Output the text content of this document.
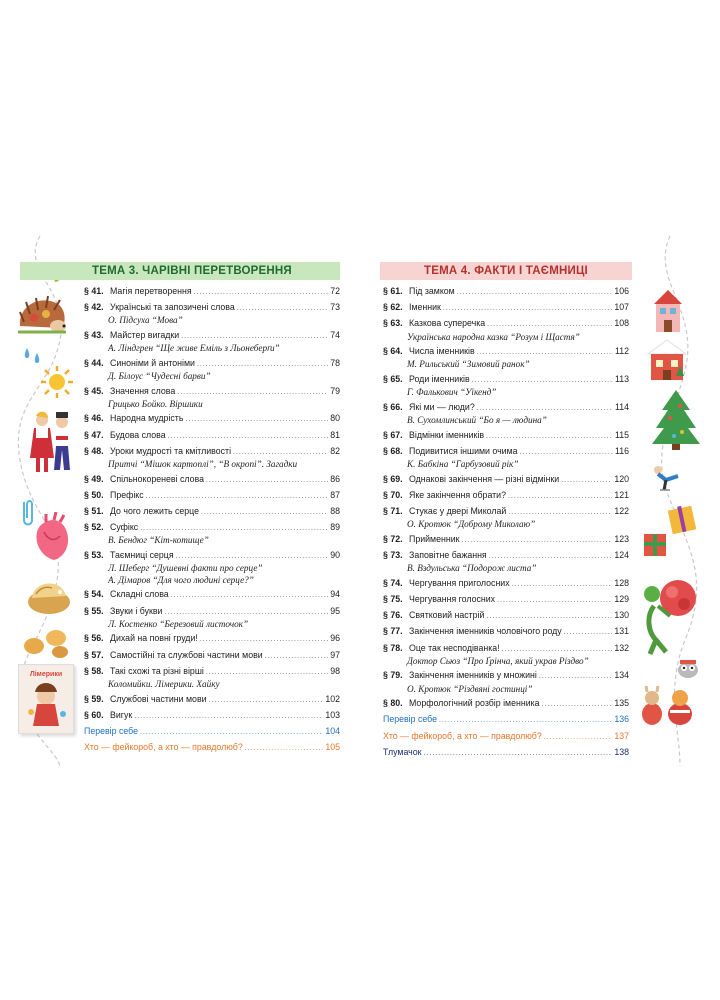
Лімерики
ТЕМА 3. ЧАРІВНІ ПЕРЕТВОРЕННЯ
§ 41. Магія перетворення .....	72
§ 42. Українські та запозичені слова .....	73
О. Підсуха “Мова”
§ 43. Майстер вигадки .....	74
А. Ліндгрен “Ще живе Еміль з Льонеберґи”
§ 44. Синоніми й антоніми .....	78
Д. Білоус “Чудесні барви”
§ 45. Значення слова .....	79
Грицько Бойко. Віршики
§ 46. Народна мудрість .....	80
§ 47. Будова слова .....	81
§ 48. Уроки мудрості та кмітливості .....	82
Притчі “Мішок картоплі”, “В окропі”. Загадки
§ 49. Спільнокореневі слова .....	86
§ 50. Префікс .....	87
§ 51. До чого лежить серце .....	88
§ 52. Суфікс .....	89
В. Бендюг “Кіт-котище”
§ 53. Таємниці серця .....	90
Л. Шеберг “Душевні факти про серце”
А. Дімаров “Для чого людині серце?”
§ 54. Складні слова .....	94
§ 55. Звуки і букви .....	95
Л. Костенко “Березовий листочок”
§ 56. Дихай на повні груди! .....	96
§ 57. Самостійні та службові частини мови .....	97
§ 58. Такі схожі та різні вірші .....	98
Коломийки. Лімерики. Хайку
§ 59. Службові частини мови .....	102
§ 60. Вигук .....	103
Перевір себе .....	104
Хто — фейкороб, а хто — правдолюб? .....	105
ТЕМА 4. ФАКТИ І ТАЄМНИЦІ
§ 61. Під замком .....	106
§ 62. Іменник .....	107
§ 63. Казкова суперечка .....	108
Українська народна казка “Розум і Щастя”
§ 64. Числа іменників .....	112
М. Рильський “Зимовий ранок”
§ 65. Роди іменників .....	113
Г. Фалькович “Уїкенд”
§ 66. Які ми — люди? .....	114
В. Сухомлинський “Бо я — людина”
§ 67. Відмінки іменників .....	115
§ 68. Подивитися іншими очима .....	116
К. Бабкіна “Гарбузовий рік”
§ 69. Однакові закінчення — різні відмінки .....	120
§ 70. Яке закінчення обрати? .....	121
§ 71. Стукає у двері Миколай .....	122
О. Кротюк “Доброму Миколаю”
§ 72. Прийменник .....	123
§ 73. Заповітне бажання .....	124
В. Вздульська “Подорож листа”
§ 74. Чергування приголосних .....	128
§ 75. Чергування голосних .....	129
§ 76. Святковий настрій .....	130
§ 77. Закінчення іменників чоловічого роду .....	131
§ 78. Оце так несподіванка! .....	132
Доктор Сьюз “Про Ґрінча, який украв Різдво”
§ 79. Закінчення іменників у множині .....	134
О. Кротюк “Різдвяні гостинці”
§ 80. Морфологічний розбір іменника .....	135
Перевір себе .....	136
Хто — фейкороб, а хто — правдолюб? .....	137
Тлумачок .....	138
